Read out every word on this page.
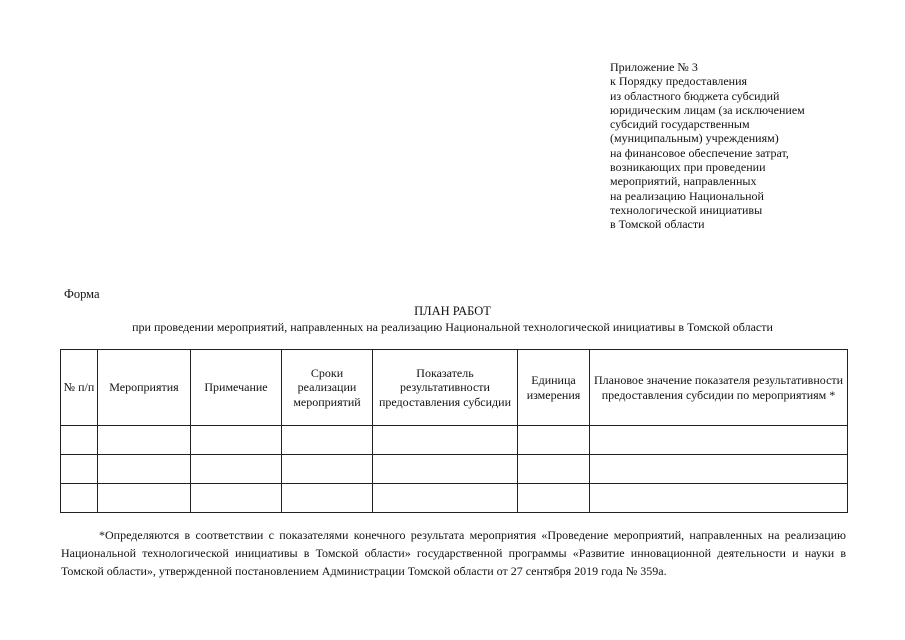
Приложение № 3
к Порядку предоставления
из областного бюджета субсидий
юридическим лицам (за исключением
субсидий государственным
(муниципальным) учреждениям)
на финансовое обеспечение затрат,
возникающих при проведении
мероприятий, направленных
на реализацию Национальной
технологической инициативы
в Томской области
Форма
ПЛАН РАБОТ
при проведении мероприятий, направленных на реализацию Национальной технологической инициативы в Томской области
№ п/п	Мероприятия	Примечание	Сроки реализации мероприятий	Показатель результативности предоставления субсидии	Единица измерения	Плановое значение показателя результативности предоставления субсидии по мероприятиям *

*Определяются в соответствии с показателями конечного результата мероприятия «Проведение мероприятий, направленных на реализацию Национальной технологической инициативы в Томской области» государственной программы «Развитие инновационной деятельности и науки в Томской области», утвержденной постановлением Администрации Томской области от 27 сентября 2019 года № 359а.
